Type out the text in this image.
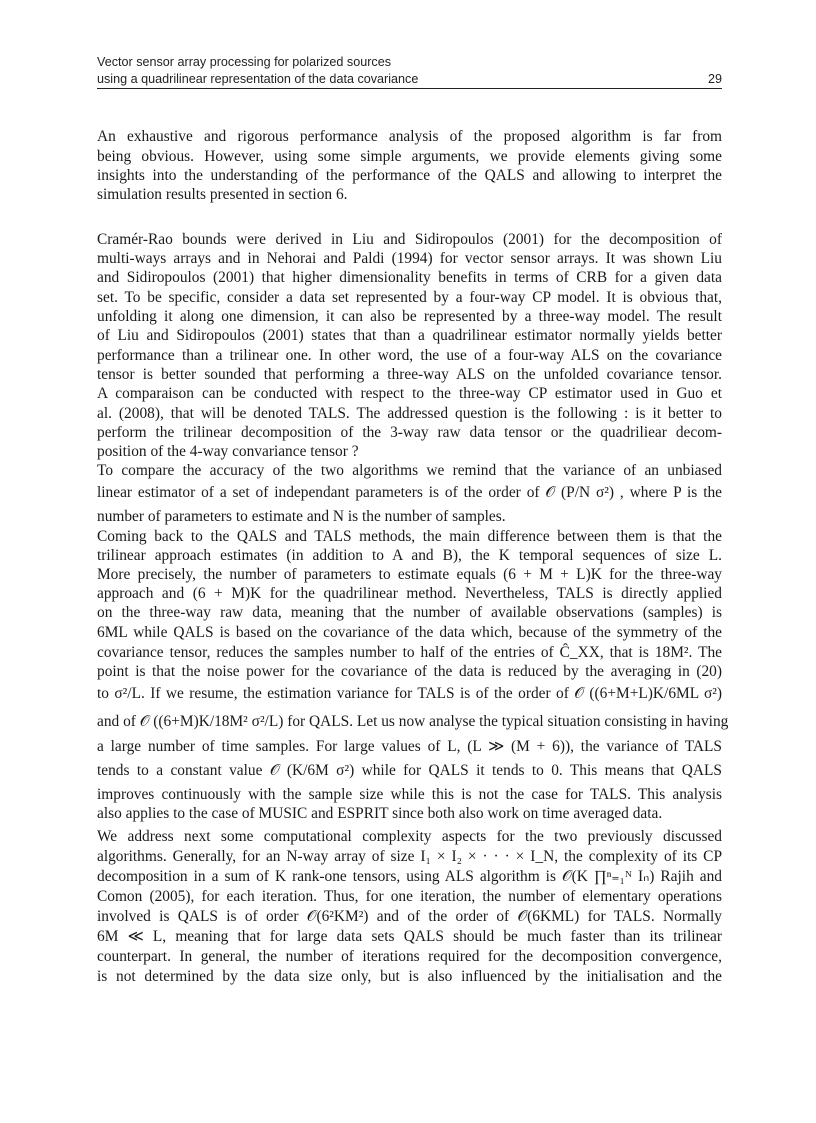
Vector sensor array processing for polarized sources
using a quadrilinear representation of the data covariance	29
An exhaustive and rigorous performance analysis of the proposed algorithm is far from
being obvious. However, using some simple arguments, we provide elements giving some
insights into the understanding of the performance of the QALS and allowing to interpret the
simulation results presented in section 6.
Cramér-Rao bounds were derived in Liu and Sidiropoulos (2001) for the decomposition of
multi-ways arrays and in Nehorai and Paldi (1994) for vector sensor arrays. It was shown Liu
and Sidiropoulos (2001) that higher dimensionality benefits in terms of CRB for a given data
set. To be specific, consider a data set represented by a four-way CP model. It is obvious that,
unfolding it along one dimension, it can also be represented by a three-way model. The result
of Liu and Sidiropoulos (2001) states that than a quadrilinear estimator normally yields better
performance than a trilinear one. In other word, the use of a four-way ALS on the covariance
tensor is better sounded that performing a three-way ALS on the unfolded covariance tensor.
A comparaison can be conducted with respect to the three-way CP estimator used in Guo et
al. (2008), that will be denoted TALS. The addressed question is the following : is it better to
perform the trilinear decomposition of the 3-way raw data tensor or the quadriliear decom-
position of the 4-way convariance tensor ?
To compare the accuracy of the two algorithms we remind that the variance of an unbiased
linear estimator of a set of independant parameters is of the order of 𝒪 (P/N σ²) , where P is the
number of parameters to estimate and N is the number of samples.
Coming back to the QALS and TALS methods, the main difference between them is that the
trilinear approach estimates (in addition to A and B), the K temporal sequences of size L.
More precisely, the number of parameters to estimate equals (6 + M + L)K for the three-way
approach and (6 + M)K for the quadrilinear method. Nevertheless, TALS is directly applied
on the three-way raw data, meaning that the number of available observations (samples) is
6ML while QALS is based on the covariance of the data which, because of the symmetry of the
covariance tensor, reduces the samples number to half of the entries of Ĉ_XX, that is 18M². The
point is that the noise power for the covariance of the data is reduced by the averaging in (20)
to σ²/L. If we resume, the estimation variance for TALS is of the order of 𝒪 ((6+M+L)K/6ML σ²)
and of 𝒪 ((6+M)K/18M² σ²/L) for QALS. Let us now analyse the typical situation consisting in having
a large number of time samples. For large values of L, (L ≫ (M + 6)), the variance of TALS
tends to a constant value 𝒪 (K/6M σ²) while for QALS it tends to 0. This means that QALS
improves continuously with the sample size while this is not the case for TALS. This analysis
also applies to the case of MUSIC and ESPRIT since both also work on time averaged data.
We address next some computational complexity aspects for the two previously discussed
algorithms. Generally, for an N-way array of size I₁ × I₂ × · · · × I_N, the complexity of its CP
decomposition in a sum of K rank-one tensors, using ALS algorithm is 𝒪(K ∏ⁿ₌₁ᴺ Iₙ) Rajih and
Comon (2005), for each iteration. Thus, for one iteration, the number of elementary operations
involved is QALS is of order 𝒪(6²KM²) and of the order of 𝒪(6KML) for TALS. Normally
6M ≪ L, meaning that for large data sets QALS should be much faster than its trilinear
counterpart. In general, the number of iterations required for the decomposition convergence,
is not determined by the data size only, but is also influenced by the initialisation and the
